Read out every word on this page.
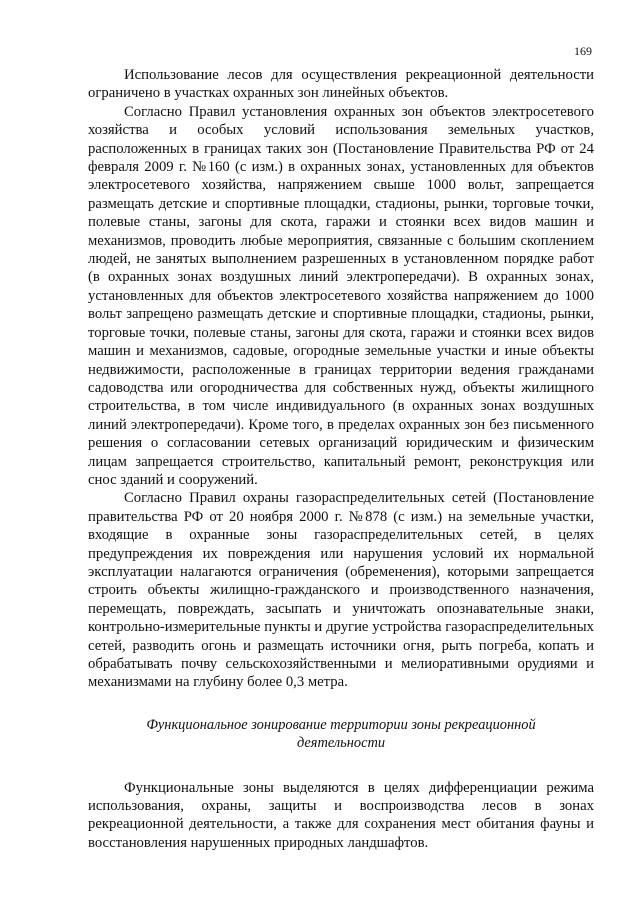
169

Использование лесов для осуществления рекреационной деятельности ограничено в участках охранных зон линейных объектов.

Согласно Правил установления охранных зон объектов электросетевого хозяйства и особых условий использования земельных участков, расположенных в границах таких зон (Постановление Правительства РФ от 24 февраля 2009 г. №160 (с изм.) в охранных зонах, установленных для объектов электросетевого хозяйства, напряжением свыше 1000 вольт, запрещается размещать детские и спортивные площадки, стадионы, рынки, торговые точки, полевые станы, загоны для скота, гаражи и стоянки всех видов машин и механизмов, проводить любые мероприятия, связанные с большим скоплением людей, не занятых выполнением разрешенных в установленном порядке работ (в охранных зонах воздушных линий электропередачи). В охранных зонах, установленных для объектов электросетевого хозяйства напряжением до 1000 вольт запрещено размещать детские и спортивные площадки, стадионы, рынки, торговые точки, полевые станы, загоны для скота, гаражи и стоянки всех видов машин и механизмов, садовые, огородные земельные участки и иные объекты недвижимости, расположенные в границах территории ведения гражданами садоводства или огородничества для собственных нужд, объекты жилищного строительства, в том числе индивидуального (в охранных зонах воздушных линий электропередачи). Кроме того, в пределах охранных зон без письменного решения о согласовании сетевых организаций юридическим и физическим лицам запрещается строительство, капитальный ремонт, реконструкция или снос зданий и сооружений.

Согласно Правил охраны газораспределительных сетей (Постановление правительства РФ от 20 ноября 2000 г. №878 (с изм.) на земельные участки, входящие в охранные зоны газораспределительных сетей, в целях предупреждения их повреждения или нарушения условий их нормальной эксплуатации налагаются ограничения (обременения), которыми запрещается строить объекты жилищно-гражданского и производственного назначения, перемещать, повреждать, засыпать и уничтожать опознавательные знаки, контрольно-измерительные пункты и другие устройства газораспределительных сетей, разводить огонь и размещать источники огня, рыть погреба, копать и обрабатывать почву сельскохозяйственными и мелиоративными орудиями и механизмами на глубину более 0,3 метра.

Функциональное зонирование территории зоны рекреационной деятельности

Функциональные зоны выделяются в целях дифференциации режима использования, охраны, защиты и воспроизводства лесов в зонах рекреационной деятельности, а также для сохранения мест обитания фауны и восстановления нарушенных природных ландшафтов.
